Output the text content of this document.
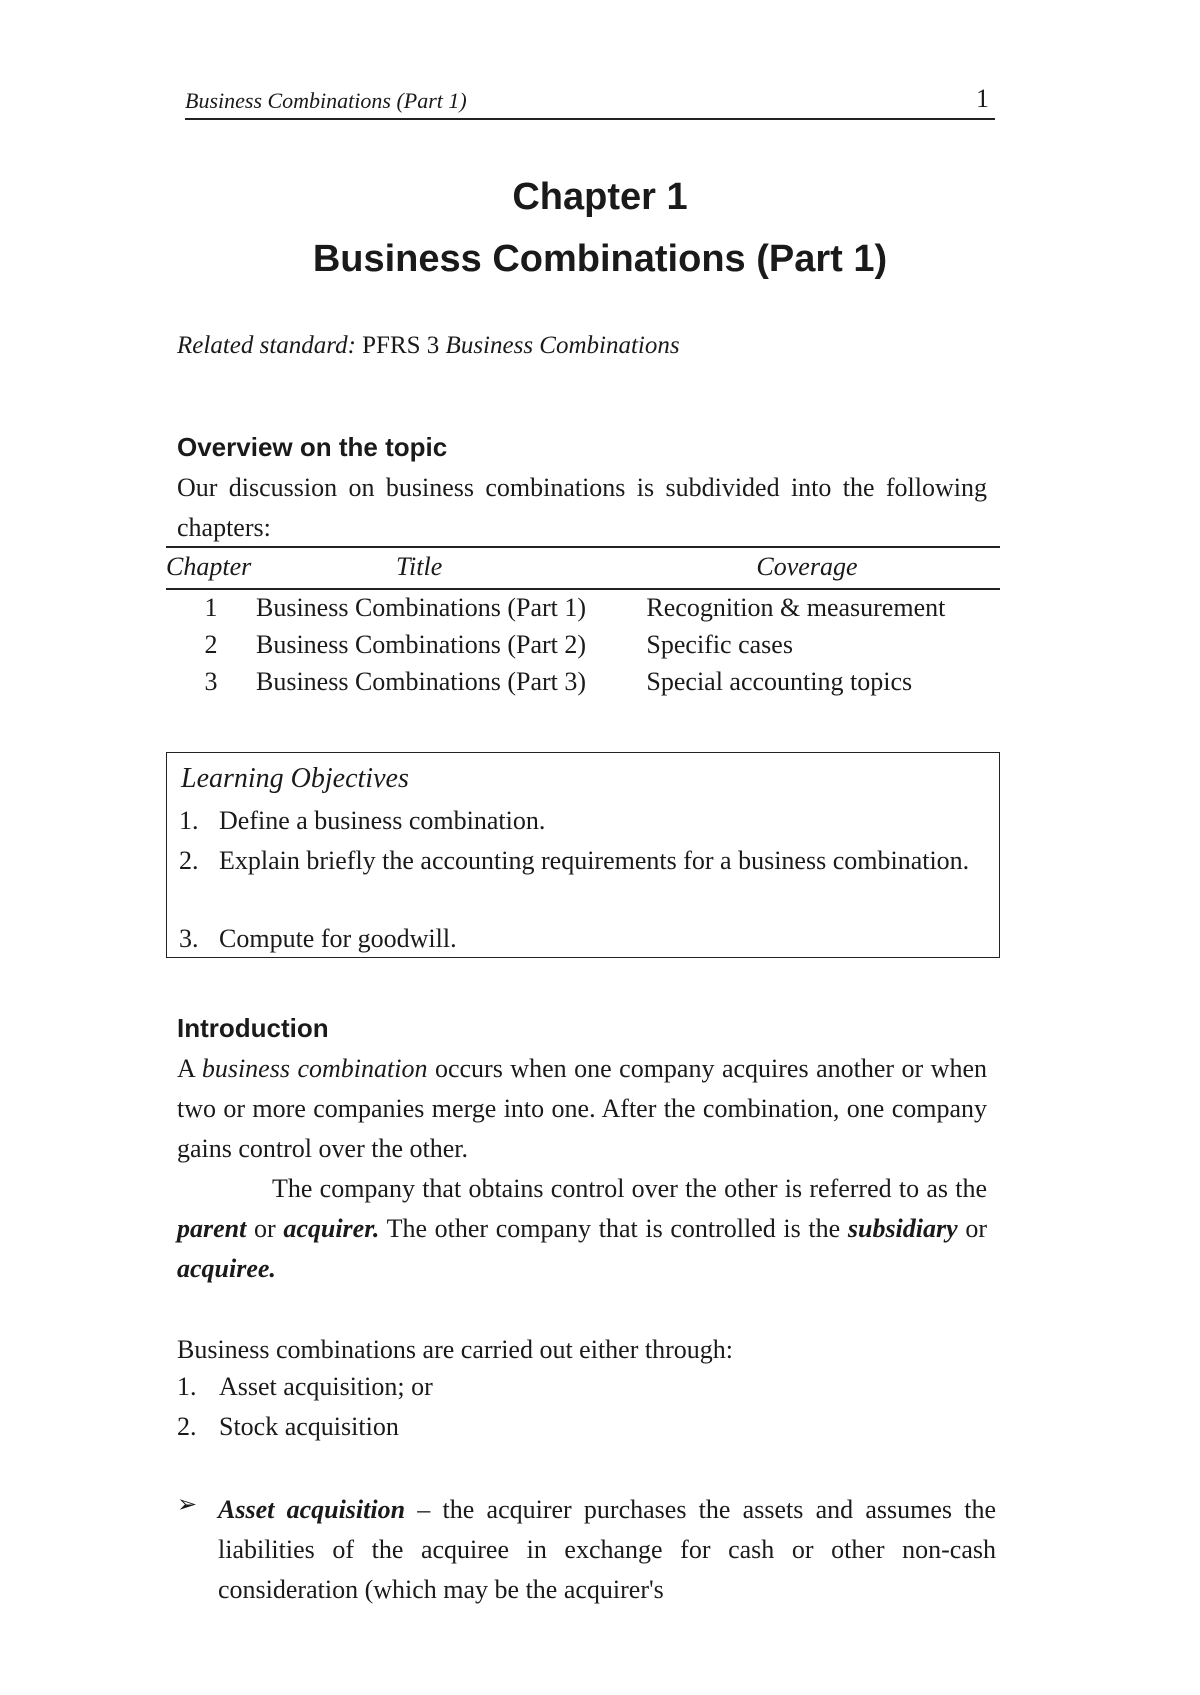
Business Combinations (Part 1)	1
Chapter 1
Business Combinations (Part 1)
Related standard: PFRS 3 Business Combinations
Overview on the topic
Our discussion on business combinations is subdivided into the following chapters:
Chapter	Title	Coverage
1	Business Combinations (Part 1)	Recognition & measurement
2	Business Combinations (Part 2)	Specific cases
3	Business Combinations (Part 3)	Special accounting topics
Learning Objectives
1. Define a business combination.
2. Explain briefly the accounting requirements for a business combination.
3. Compute for goodwill.
Introduction
A business combination occurs when one company acquires another or when two or more companies merge into one. After the combination, one company gains control over the other.
The company that obtains control over the other is referred to as the parent or acquirer. The other company that is controlled is the subsidiary or acquiree.
Business combinations are carried out either through:
1. Asset acquisition; or
2. Stock acquisition
➢ Asset acquisition – the acquirer purchases the assets and assumes the liabilities of the acquiree in exchange for cash or other non-cash consideration (which may be the acquirer's
